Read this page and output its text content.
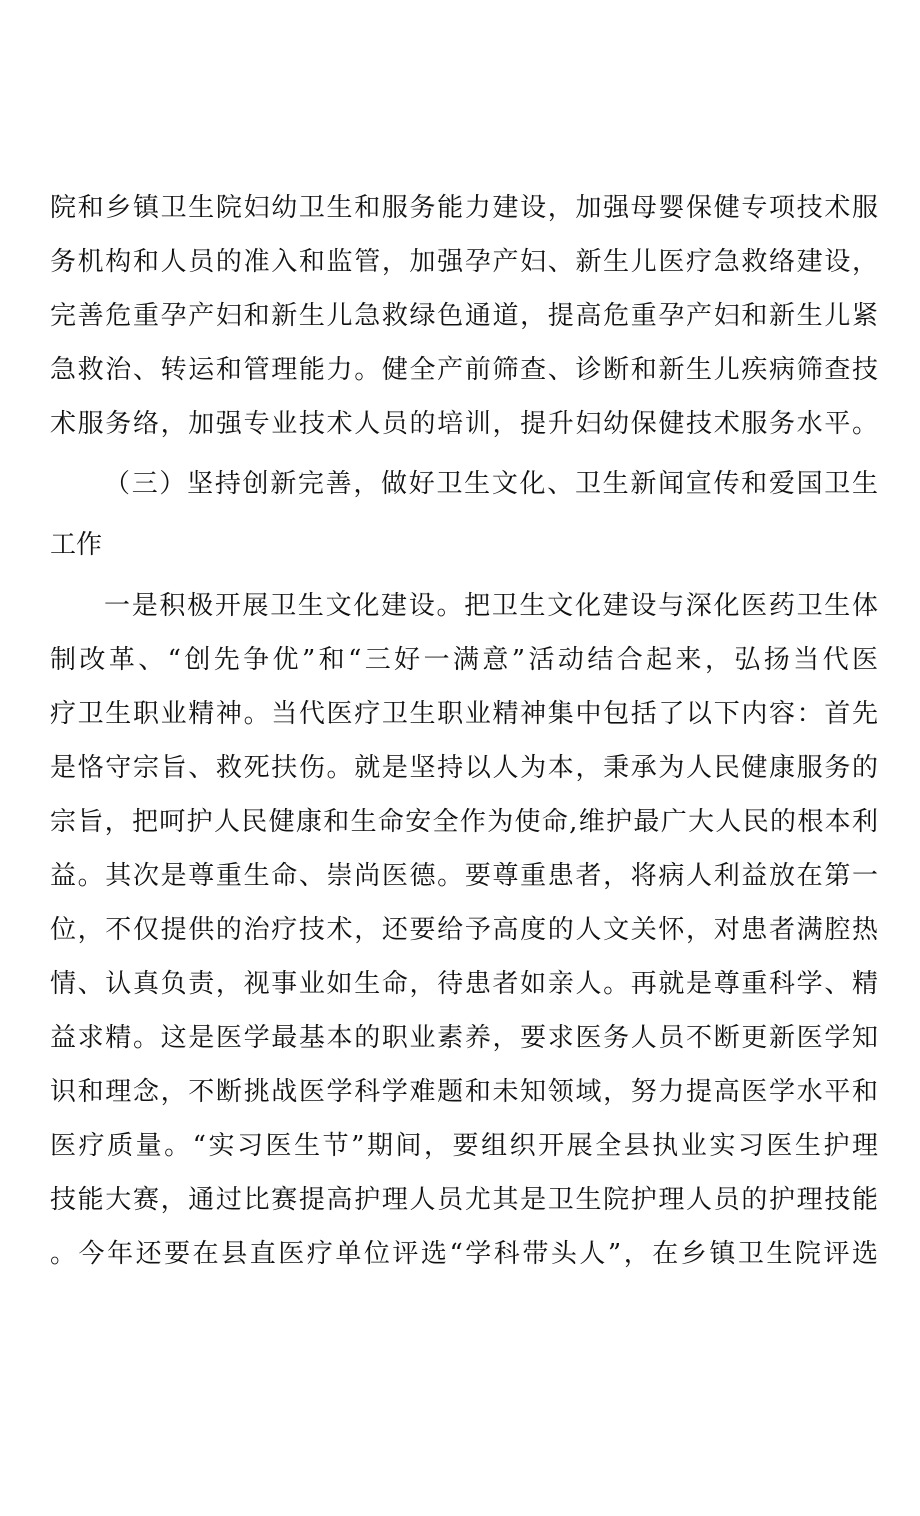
院和乡镇卫生院妇幼卫生和服务能力建设，加强母婴保健专项技术服
务机构和人员的准入和监管，加强孕产妇、新生儿医疗急救络建设，
完善危重孕产妇和新生儿急救绿色通道，提高危重孕产妇和新生儿紧
急救治、转运和管理能力。健全产前筛查、诊断和新生儿疾病筛查技
术服务络，加强专业技术人员的培训，提升妇幼保健技术服务水平。
（三）坚持创新完善，做好卫生文化、卫生新闻宣传和爱国卫生
工作
一是积极开展卫生文化建设。把卫生文化建设与深化医药卫生体
制改革、“创先争优”和“三好一满意”活动结合起来，弘扬当代医
疗卫生职业精神。当代医疗卫生职业精神集中包括了以下内容：首先
是恪守宗旨、救死扶伤。就是坚持以人为本，秉承为人民健康服务的
宗旨，把呵护人民健康和生命安全作为使命,维护最广大人民的根本利
益。其次是尊重生命、崇尚医德。要尊重患者，将病人利益放在第一
位，不仅提供的治疗技术，还要给予高度的人文关怀，对患者满腔热
情、认真负责，视事业如生命，待患者如亲人。再就是尊重科学、精
益求精。这是医学最基本的职业素养，要求医务人员不断更新医学知
识和理念，不断挑战医学科学难题和未知领域，努力提高医学水平和
医疗质量。“实习医生节”期间，要组织开展全县执业实习医生护理
技能大赛，通过比赛提高护理人员尤其是卫生院护理人员的护理技能
。今年还要在县直医疗单位评选“学科带头人”，在乡镇卫生院评选
